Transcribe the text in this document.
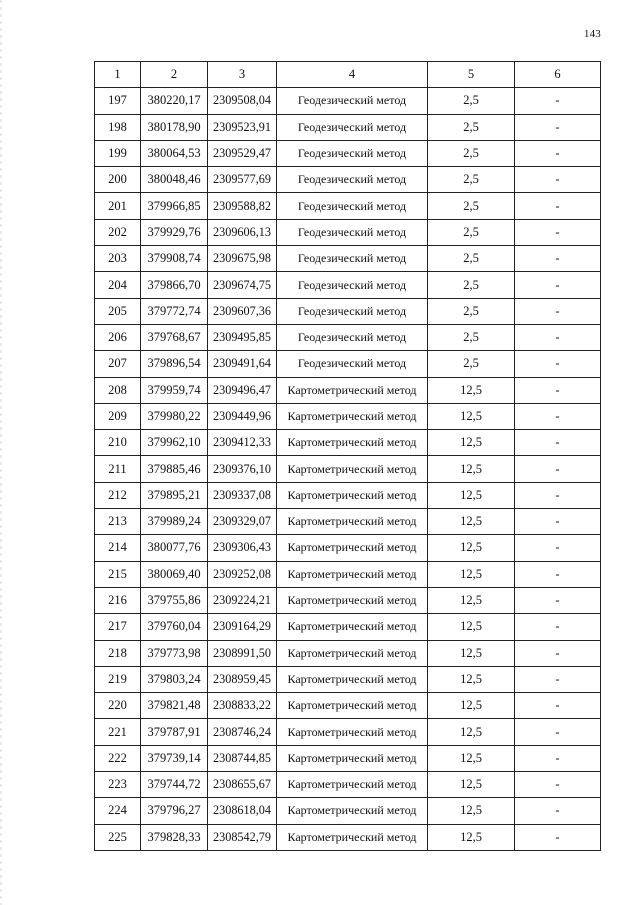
143
1	2	3	4	5	6
197	380220,17	2309508,04	Геодезический метод	2,5	-
198	380178,90	2309523,91	Геодезический метод	2,5	-
199	380064,53	2309529,47	Геодезический метод	2,5	-
200	380048,46	2309577,69	Геодезический метод	2,5	-
201	379966,85	2309588,82	Геодезический метод	2,5	-
202	379929,76	2309606,13	Геодезический метод	2,5	-
203	379908,74	2309675,98	Геодезический метод	2,5	-
204	379866,70	2309674,75	Геодезический метод	2,5	-
205	379772,74	2309607,36	Геодезический метод	2,5	-
206	379768,67	2309495,85	Геодезический метод	2,5	-
207	379896,54	2309491,64	Геодезический метод	2,5	-
208	379959,74	2309496,47	Картометрический метод	12,5	-
209	379980,22	2309449,96	Картометрический метод	12,5	-
210	379962,10	2309412,33	Картометрический метод	12,5	-
211	379885,46	2309376,10	Картометрический метод	12,5	-
212	379895,21	2309337,08	Картометрический метод	12,5	-
213	379989,24	2309329,07	Картометрический метод	12,5	-
214	380077,76	2309306,43	Картометрический метод	12,5	-
215	380069,40	2309252,08	Картометрический метод	12,5	-
216	379755,86	2309224,21	Картометрический метод	12,5	-
217	379760,04	2309164,29	Картометрический метод	12,5	-
218	379773,98	2308991,50	Картометрический метод	12,5	-
219	379803,24	2308959,45	Картометрический метод	12,5	-
220	379821,48	2308833,22	Картометрический метод	12,5	-
221	379787,91	2308746,24	Картометрический метод	12,5	-
222	379739,14	2308744,85	Картометрический метод	12,5	-
223	379744,72	2308655,67	Картометрический метод	12,5	-
224	379796,27	2308618,04	Картометрический метод	12,5	-
225	379828,33	2308542,79	Картометрический метод	12,5	-
